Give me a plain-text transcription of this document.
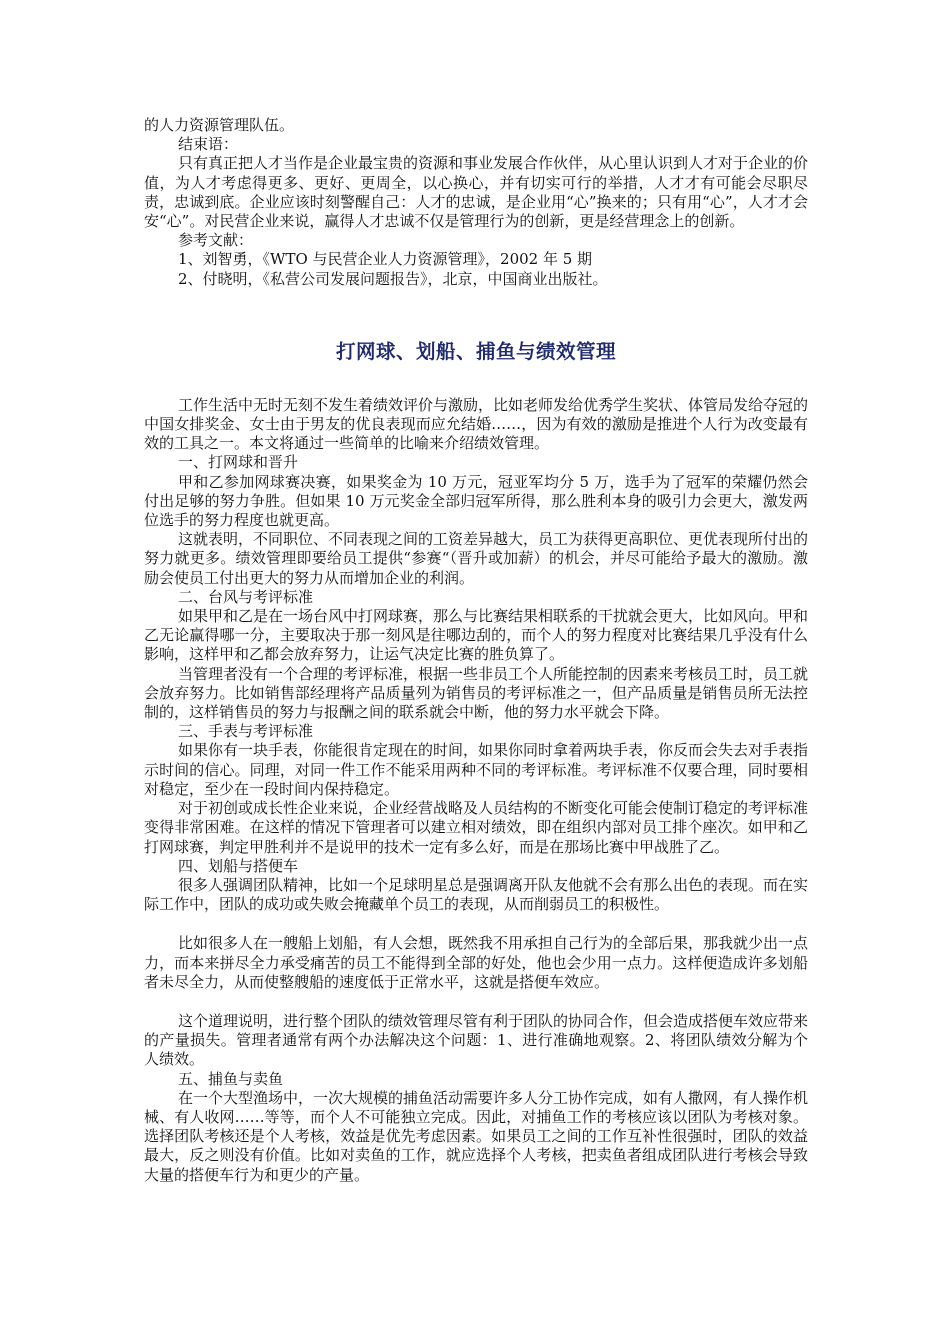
的人力资源管理队伍。

结束语：

只有真正把人才当作是企业最宝贵的资源和事业发展合作伙伴，从心里认识到人才对于企业的价值，为人才考虑得更多、更好、更周全，以心换心，并有切实可行的举措，人才才有可能会尽职尽责，忠诚到底。企业应该时刻警醒自己：人才的忠诚，是企业用“心”换来的；只有用“心”，人才才会安“心”。对民营企业来说，赢得人才忠诚不仅是管理行为的创新，更是经营理念上的创新。

参考文献：

1、刘智勇，《WTO 与民营企业人力资源管理》，2002 年 5 期

2、付晓明，《私营公司发展问题报告》，北京，中国商业出版社。

打网球、划船、捕鱼与绩效管理

工作生活中无时无刻不发生着绩效评价与激励，比如老师发给优秀学生奖状、体管局发给夺冠的中国女排奖金、女士由于男友的优良表现而应允结婚……，因为有效的激励是推进个人行为改变最有效的工具之一。本文将通过一些简单的比喻来介绍绩效管理。

一、打网球和晋升

甲和乙参加网球赛决赛，如果奖金为 10 万元，冠亚军均分 5 万，选手为了冠军的荣耀仍然会付出足够的努力争胜。但如果 10 万元奖金全部归冠军所得，那么胜利本身的吸引力会更大，激发两位选手的努力程度也就更高。

这就表明，不同职位、不同表现之间的工资差异越大，员工为获得更高职位、更优表现所付出的努力就更多。绩效管理即要给员工提供“参赛“（晋升或加薪）的机会，并尽可能给予最大的激励。激励会使员工付出更大的努力从而增加企业的利润。

二、台风与考评标准

如果甲和乙是在一场台风中打网球赛，那么与比赛结果相联系的干扰就会更大，比如风向。甲和乙无论赢得哪一分，主要取决于那一刻风是往哪边刮的，而个人的努力程度对比赛结果几乎没有什么影响，这样甲和乙都会放弃努力，让运气决定比赛的胜负算了。

当管理者没有一个合理的考评标准，根据一些非员工个人所能控制的因素来考核员工时，员工就会放弃努力。比如销售部经理将产品质量列为销售员的考评标准之一，但产品质量是销售员所无法控制的，这样销售员的努力与报酬之间的联系就会中断，他的努力水平就会下降。

三、手表与考评标准

如果你有一块手表，你能很肯定现在的时间，如果你同时拿着两块手表，你反而会失去对手表指示时间的信心。同理，对同一件工作不能采用两种不同的考评标准。考评标准不仅要合理，同时要相对稳定，至少在一段时间内保持稳定。

对于初创或成长性企业来说，企业经营战略及人员结构的不断变化可能会使制订稳定的考评标准变得非常困难。在这样的情况下管理者可以建立相对绩效，即在组织内部对员工排个座次。如甲和乙打网球赛，判定甲胜利并不是说甲的技术一定有多么好，而是在那场比赛中甲战胜了乙。

四、划船与搭便车

很多人强调团队精神，比如一个足球明星总是强调离开队友他就不会有那么出色的表现。而在实际工作中，团队的成功或失败会掩藏单个员工的表现，从而削弱员工的积极性。

比如很多人在一艘船上划船，有人会想，既然我不用承担自己行为的全部后果，那我就少出一点力，而本来拼尽全力承受痛苦的员工不能得到全部的好处，他也会少用一点力。这样便造成许多划船者未尽全力，从而使整艘船的速度低于正常水平，这就是搭便车效应。

这个道理说明，进行整个团队的绩效管理尽管有利于团队的协同合作，但会造成搭便车效应带来的产量损失。管理者通常有两个办法解决这个问题：1、进行准确地观察。2、将团队绩效分解为个人绩效。

五、捕鱼与卖鱼

在一个大型渔场中，一次大规模的捕鱼活动需要许多人分工协作完成，如有人撒网，有人操作机械、有人收网……等等，而个人不可能独立完成。因此，对捕鱼工作的考核应该以团队为考核对象。选择团队考核还是个人考核，效益是优先考虑因素。如果员工之间的工作互补性很强时，团队的效益最大，反之则没有价值。比如对卖鱼的工作，就应选择个人考核，把卖鱼者组成团队进行考核会导致大量的搭便车行为和更少的产量。
